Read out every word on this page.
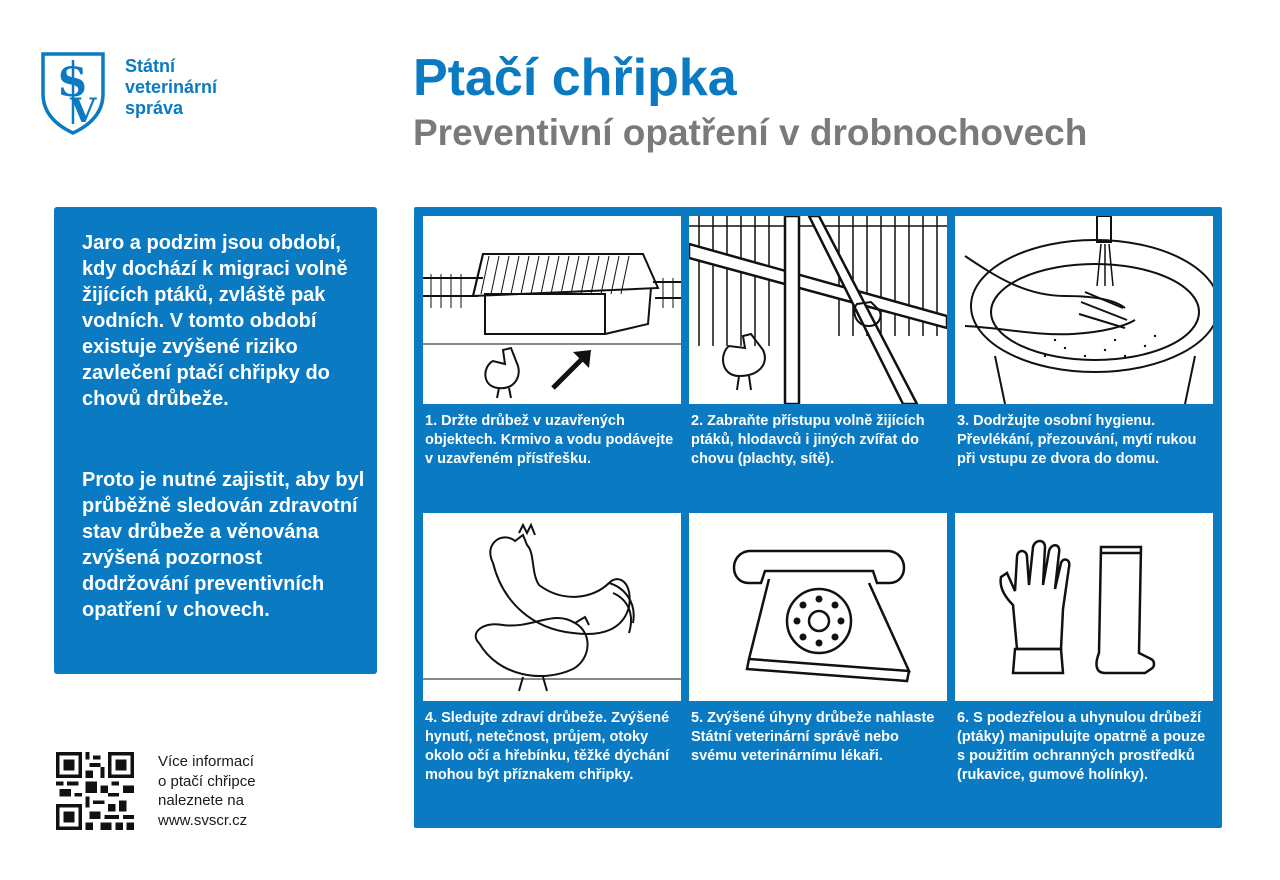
S
V
Státní
veterinární
správa
Ptačí chřipka
Preventivní opatření v drobnochovech

Jaro a podzim jsou období, kdy dochází k migraci volně žijících ptáků, zvláště pak vodních. V tomto období existuje zvýšené riziko zavlečení ptačí chřipky do chovů drůbeže.

Proto je nutné zajistit, aby byl průběžně sledován zdravotní stav drůbeže a věnována zvýšená pozornost dodržování preventivních opatření v chovech.

1. Držte drůbež v uzavřených objektech. Krmivo a vodu podávejte v uzavřeném přístřešku.
2. Zabraňte přístupu volně žijících ptáků, hlodavců i jiných zvířat do chovu (plachty, sítě).
3. Dodržujte osobní hygienu. Převlékání, přezouvání, mytí rukou při vstupu ze dvora do domu.
4. Sledujte zdraví drůbeže. Zvýšené hynutí, netečnost, průjem, otoky okolo očí a hřebínku, těžké dýchání mohou být příznakem chřipky.
5. Zvýšené úhyny drůbeže nahlaste Státní veterinární správě nebo svému veterinárnímu lékaři.
6. S podezřelou a uhynulou drůbeží (ptáky) manipulujte opatrně a pouze s použitím ochranných prostředků (rukavice, gumové holínky).
Více informací
o ptačí chřipce
naleznete na
www.svscr.cz
